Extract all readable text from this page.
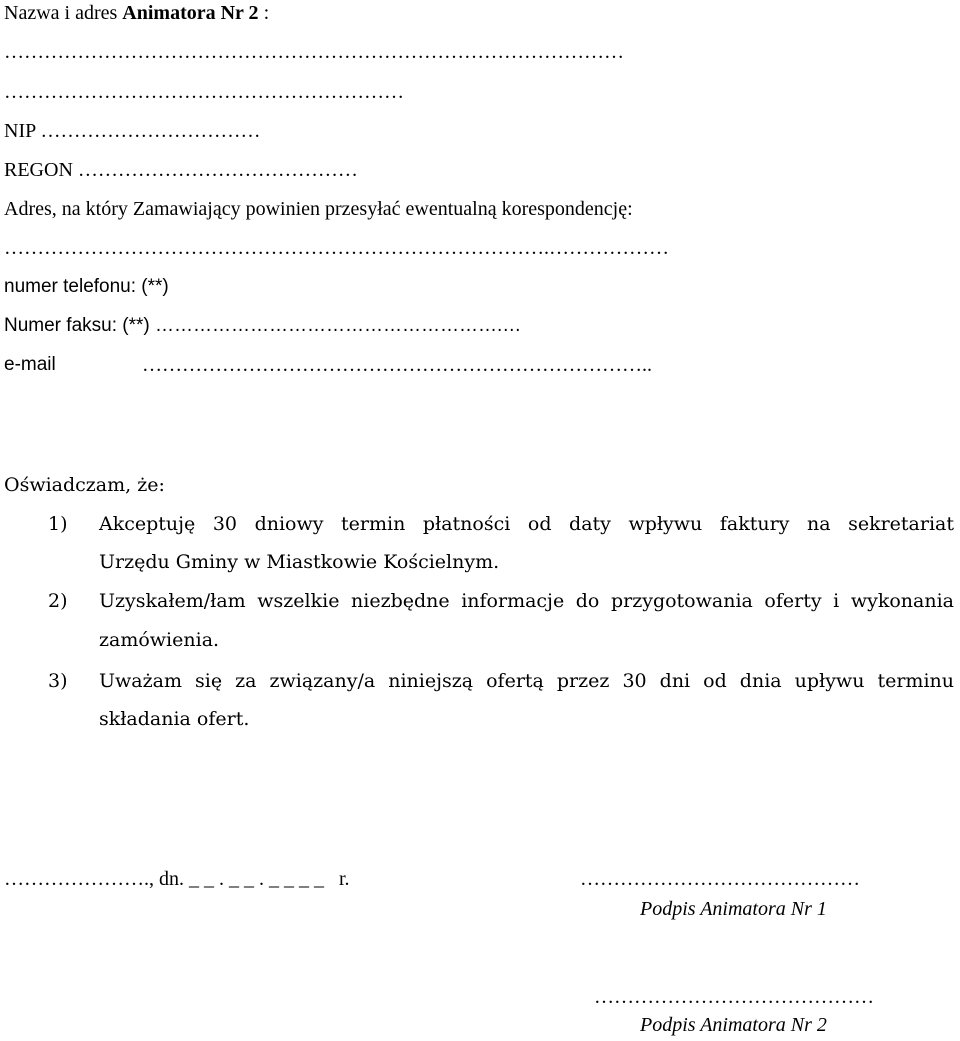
Nazwa i adres Animatora Nr 2 :

…………………………………………………………………………………

……………………………………………………

NIP ……………………………

REGON ……………………………………

Adres, na który Zamawiający powinien przesyłać ewentualną korespondencję:

……………………………………………………………………….………………

numer telefonu: (**)

Numer faksu: (**) ……………………………………………….…

e-mail	…………………………………………………………………..

Oświadczam, że:

1) Akceptuję 30 dniowy termin płatności od daty wpływu faktury na sekretariat
Urzędu Gminy w Miastkowie Kościelnym.
2) Uzyskałem/łam wszelkie niezbędne informacje do przygotowania oferty i wykonania
zamówienia.
3) Uważam się za związany/a niniejszą ofertą przez 30 dni od dnia upływu terminu
składania ofert.

…………………., dn. _ _ . _ _ . _ _ _ _   r.	……………………………………
Podpis Animatora Nr 1
……………………………………
Podpis Animatora Nr 2
